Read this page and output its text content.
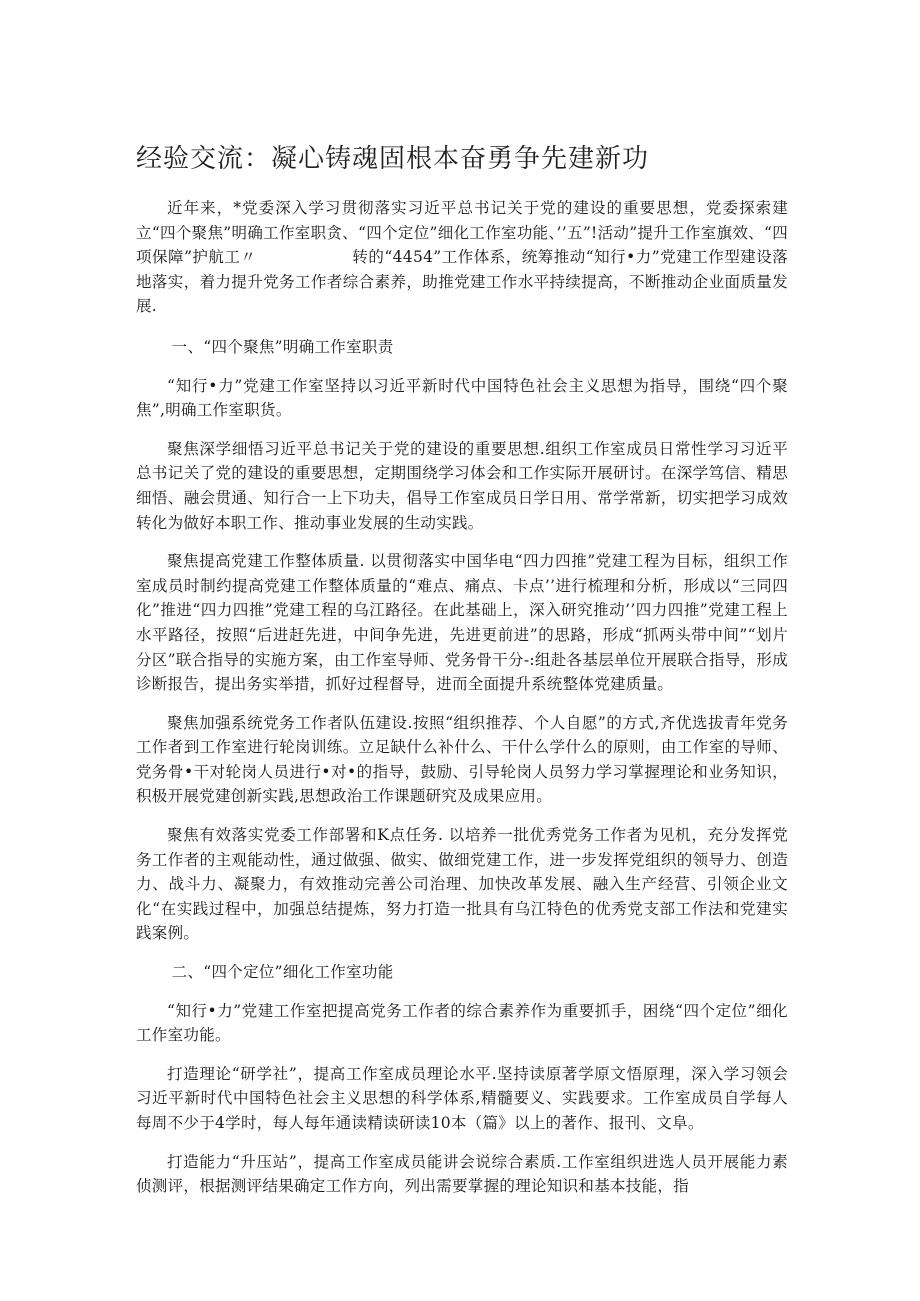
经验交流：凝心铸魂固根本奋勇争先建新功

近年来，*党委深入学习贯彻落实习近平总书记关于党的建设的重要思想，党委探索建立“四个聚焦”明确工作室职贪、“四个定位”细化工作室功能、’’五”!活动”提升工作室旗效、“四项保障”护航工〃　　　　　　转的“4454”工作体系，统筹推动“知行•力”党建工作型建设落地落实，着力提升党务工作者综合素养，助推党建工作水平持续提高，不断推动企业面质量发展.

一、“四个聚焦”明确工作室职责

“知行•力”党建工作室坚持以习近平新时代中国特色社会主义思想为指导，围绕“四个聚焦”,明确工作室职货。

聚焦深学细悟习近平总书记关于党的建设的重要思想.组织工作室成员日常性学习习近平总书记关了党的建设的重要思想，定期围绕学习体会和工作实际开展研讨。在深学笃信、精思细悟、融会贯通、知行合一上下功夫，倡导工作室成员日学日用、常学常新，切实把学习成效转化为做好本职工作、推动事业发展的生动实践。

聚焦提高党建工作整体质量. 以贯彻落实中国华电“四力四推”党建工程为目标，组织工作室成员时制约提高党建工作整体质量的“难点、痛点、卡点’’进行梳理和分析，形成以“三同四化”推进“四力四推”党建工程的乌江路径。在此基础上，深入研究推动’’四力四推”党建工程上水平路径，按照“后进赶先进，中间争先进，先进更前进”的思路，形成“抓两头带中间”“划片分区”联合指导的实施方案，由工作室导师、党务骨干分-:组赴各基层单位开展联合指导，形成诊断报告，提出务实举措，抓好过程督导，进而全面提升系统整体党建质量。

聚焦加强系统党务工作者队伍建设.按照“组织推荐、个人自愿”的方式,齐优选拔青年党务工作者到工作室进行轮岗训练。立足缺什么补什么、干什么学什么的原则，由工作室的导师、党务骨•干对轮岗人员进行•对•的指导，鼓励、引导轮岗人员努力学习掌握理论和业务知识，积极开展党建创新实践,思想政治工作课题研究及成果应用。

聚焦有效落实党委工作部署和K点任务. 以培养一批优秀党务工作者为见机，充分发挥党务工作者的主观能动性，通过做强、做实、做细党建工作，进一步发挥党组织的领导力、创造力、战斗力、凝聚力，有效推动完善公司治理、加快改革发展、融入生产经营、引领企业文化“在实践过程中，加强总结提炼，努力打造一批具有乌江特色的优秀党支部工作法和党建实践案例。

二、“四个定位”细化工作室功能

“知行•力”党建工作室把提高党务工作者的综合素养作为重要抓手，困绕“四个定位”细化工作室功能。

打造理论“研学社”，提高工作室成员理论水平.坚持读原著学原文悟原理，深入学习领会习近平新时代中国特色社会主义思想的科学体系,精髓要义、实践要求。工作室成员自学每人每周不少于4学时，每人每年通读精读研读10本（篇》以上的著作、报刊、文阜。

打造能力“升压站”，提高工作室成员能讲会说综合素质.工作室组织进选人员开展能力素侦测评，根据测评结果确定工作方向，列出需要掌握的理论知识和基本技能，指
